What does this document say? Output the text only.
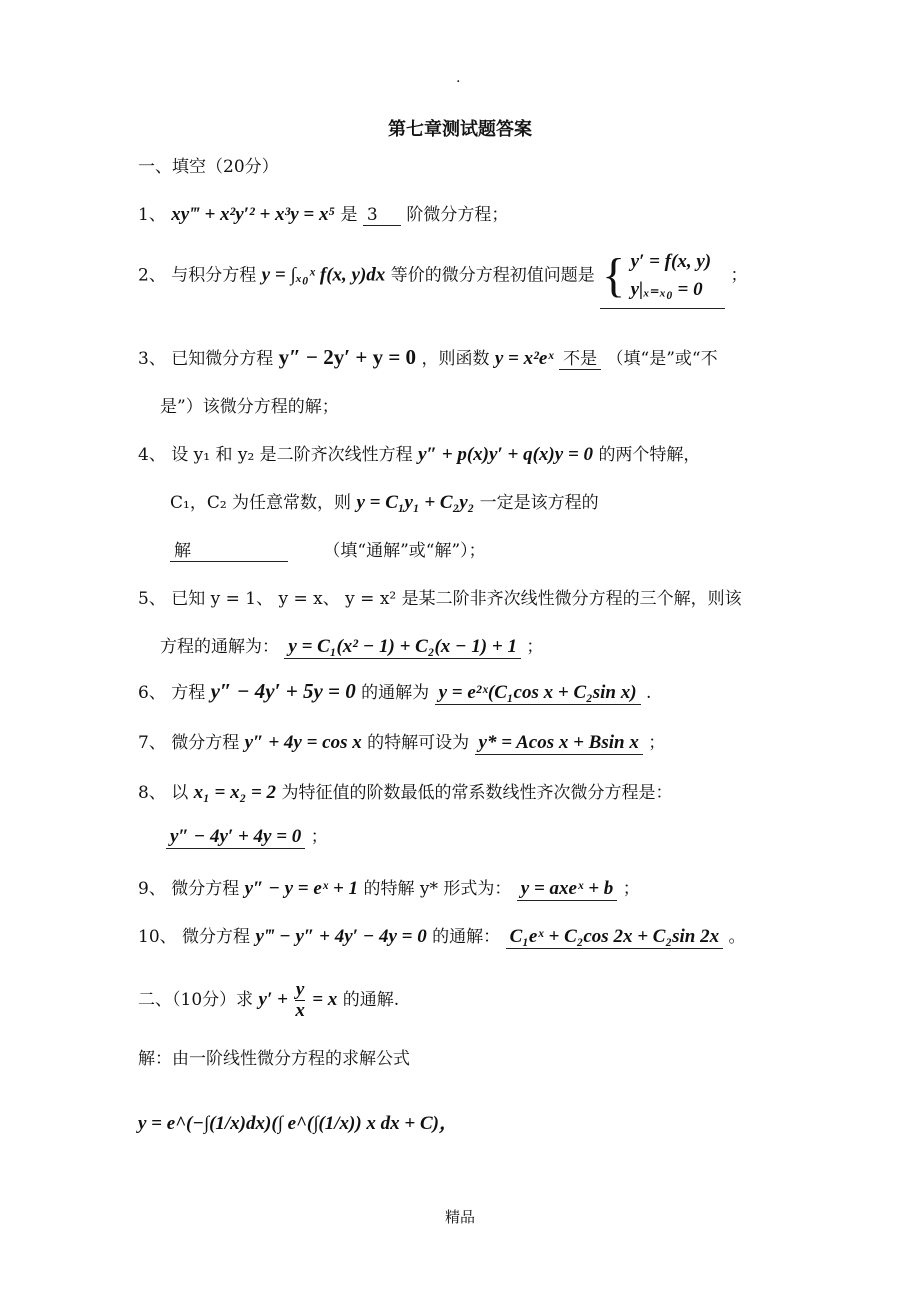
.
第七章测试题答案
一、填空（20分）
1、 xy‴ + x²y′² + x³y = x⁵ 是 3 阶微分方程；
2、 与积分方程 y = ∫ₓ₀ˣ f(x, y)dx 等价的微分方程初值问题是 { y′ = f(x, y)
y|ₓ₌ₓ₀ = 0
；
3、 已知微分方程 y″ − 2y′ + y = 0 ，则函数 y = x²eˣ 不是 （填“是”或“不
是”）该微分方程的解；
4、 设 y₁ 和 y₂ 是二阶齐次线性方程 y″ + p(x)y′ + q(x)y = 0 的两个特解，
C₁，C₂ 为任意常数，则 y = C₁y₁ + C₂y₂ 一定是该方程的
解	（填“通解”或“解”）；
5、 已知 y = 1、 y = x、 y = x² 是某二阶非齐次线性微分方程的三个解，则该
方程的通解为： y = C₁(x² − 1) + C₂(x − 1) + 1 ；
6、 方程 y″ − 4y′ + 5y = 0 的通解为 y = e²ˣ(C₁cos x + C₂sin x) .
7、 微分方程 y″ + 4y = cos x 的特解可设为 y* = Acos x + Bsin x ；
8、 以 x₁ = x₂ = 2 为特征值的阶数最低的常系数线性齐次微分方程是：
y″ − 4y′ + 4y = 0 ；
9、 微分方程 y″ − y = eˣ + 1 的特解 y* 形式为： y = axeˣ + b ；
10、 微分方程 y‴ − y″ + 4y′ − 4y = 0 的通解： C₁eˣ + C₂cos 2x + C₂sin 2x 。
二、（10分）求 $y' + \frac{y}{x} = x$ 的通解.
解：由一阶线性微分方程的求解公式
y = e^(−∫(1/x)dx)(∫ e^(∫(1/x)) x dx + C)，
精品
